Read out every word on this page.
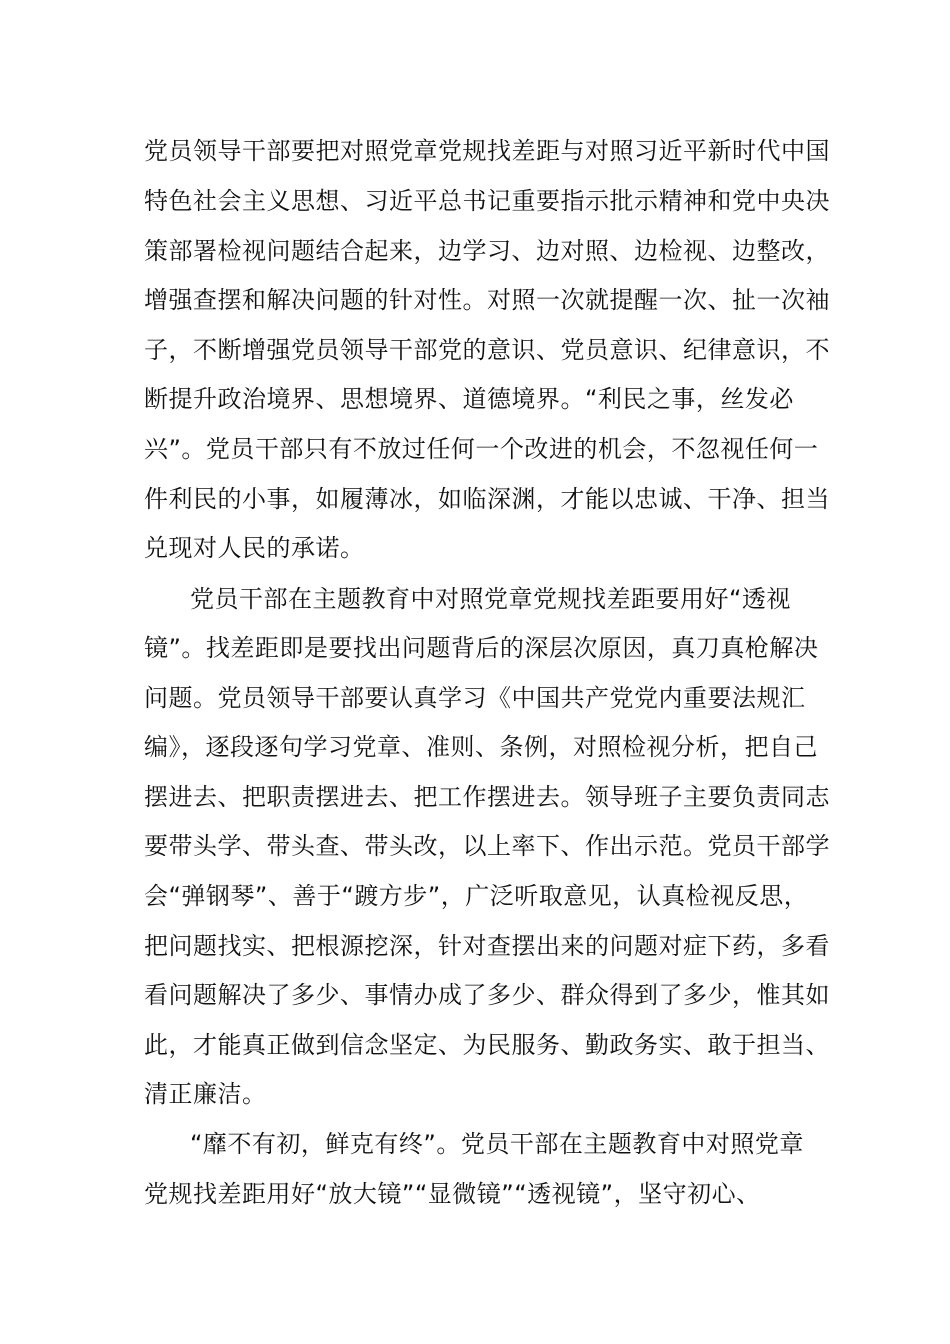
党员领导干部要把对照党章党规找差距与对照习近平新时代中国
特色社会主义思想、习近平总书记重要指示批示精神和党中央决
策部署检视问题结合起来，边学习、边对照、边检视、边整改，
增强查摆和解决问题的针对性。对照一次就提醒一次、扯一次袖
子，不断增强党员领导干部党的意识、党员意识、纪律意识，不
断提升政治境界、思想境界、道德境界。“利民之事，丝发必
兴”。党员干部只有不放过任何一个改进的机会，不忽视任何一
件利民的小事，如履薄冰，如临深渊，才能以忠诚、干净、担当
兑现对人民的承诺。
党员干部在主题教育中对照党章党规找差距要用好“透视
镜”。找差距即是要找出问题背后的深层次原因，真刀真枪解决
问题。党员领导干部要认真学习《中国共产党党内重要法规汇
编》，逐段逐句学习党章、准则、条例，对照检视分析，把自己
摆进去、把职责摆进去、把工作摆进去。领导班子主要负责同志
要带头学、带头查、带头改，以上率下、作出示范。党员干部学
会“弹钢琴”、善于“踱方步”，广泛听取意见，认真检视反思，
把问题找实、把根源挖深，针对查摆出来的问题对症下药，多看
看问题解决了多少、事情办成了多少、群众得到了多少，惟其如
此，才能真正做到信念坚定、为民服务、勤政务实、敢于担当、
清正廉洁。
“靡不有初，鲜克有终”。党员干部在主题教育中对照党章
党规找差距用好“放大镜”“显微镜”“透视镜”，坚守初心、
